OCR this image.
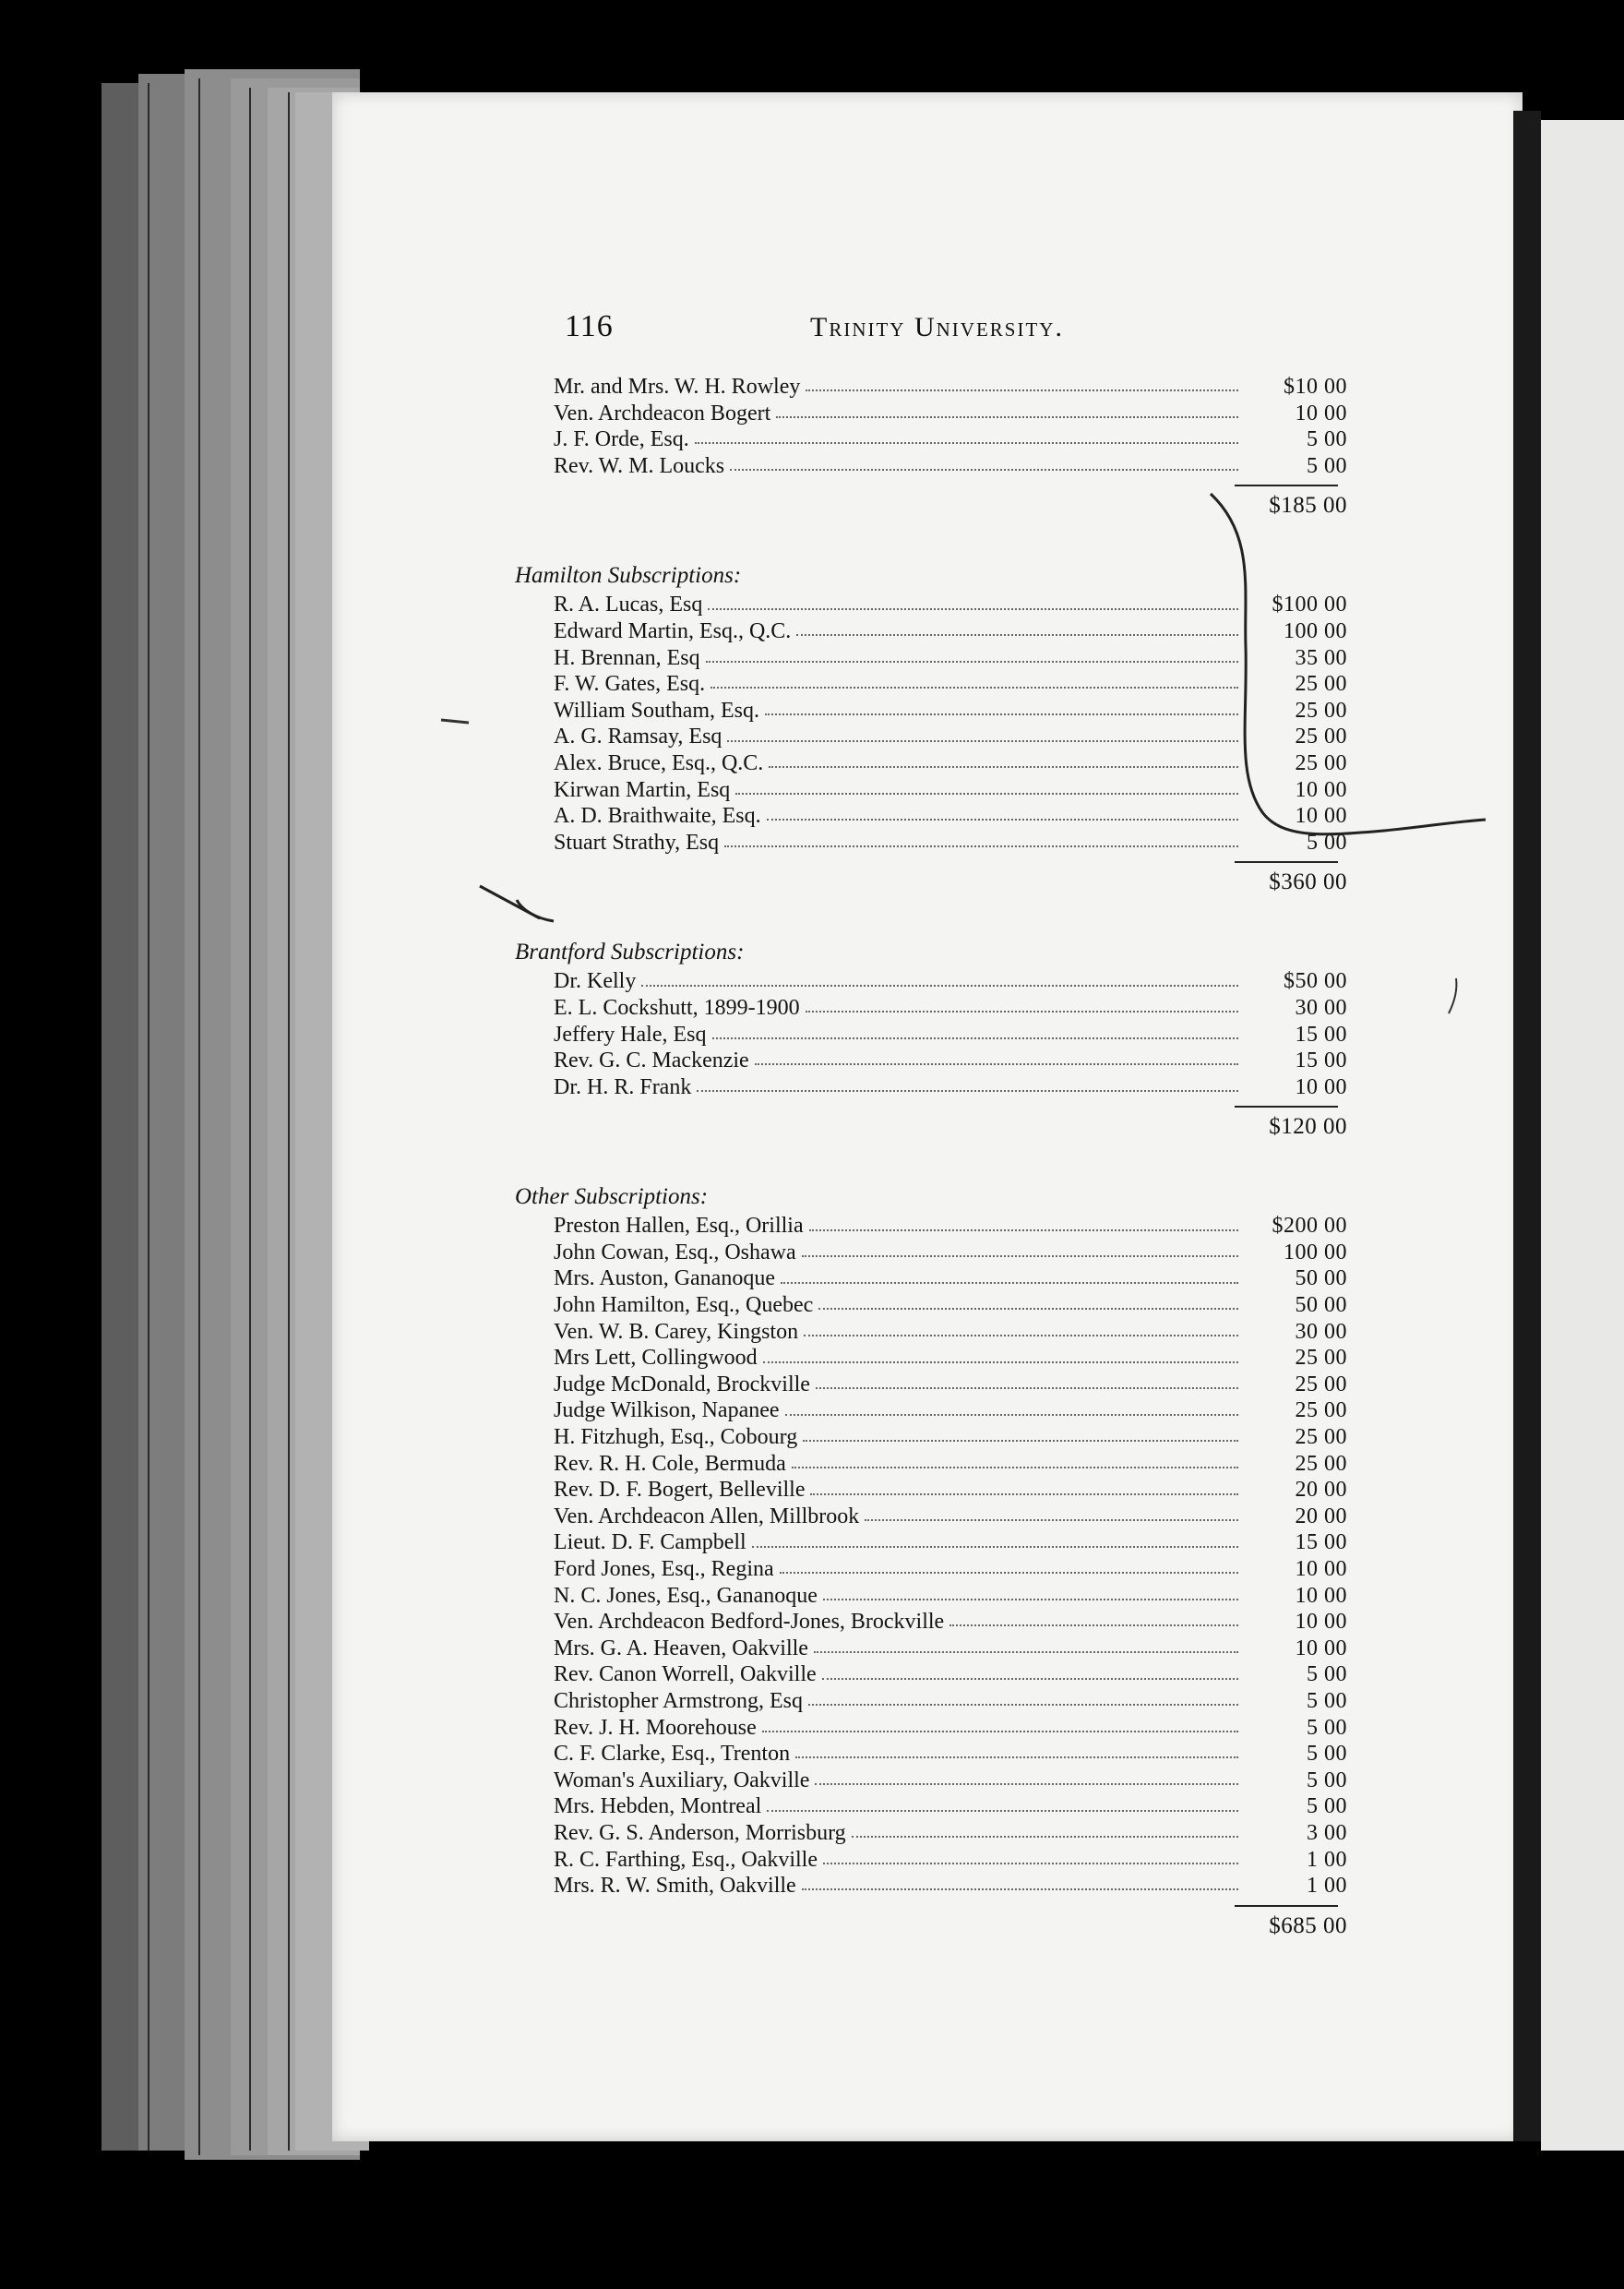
116	Trinity University.
Mr. and Mrs. W. H. Rowley	$10 00
Ven. Archdeacon Bogert	10 00
J. F. Orde, Esq.	5 00
Rev. W. M. Loucks	5 00
$185 00
Hamilton Subscriptions:
R. A. Lucas, Esq	$100 00
Edward Martin, Esq., Q.C.	100 00
H. Brennan, Esq	35 00
F. W. Gates, Esq.	25 00
William Southam, Esq.	25 00
A. G. Ramsay, Esq	25 00
Alex. Bruce, Esq., Q.C.	25 00
Kirwan Martin, Esq	10 00
A. D. Braithwaite, Esq.	10 00
Stuart Strathy, Esq	5 00
$360 00
Brantford Subscriptions:
Dr. Kelly	$50 00
E. L. Cockshutt, 1899-1900	30 00
Jeffery Hale, Esq	15 00
Rev. G. C. Mackenzie	15 00
Dr. H. R. Frank	10 00
$120 00
Other Subscriptions:
Preston Hallen, Esq., Orillia	$200 00
John Cowan, Esq., Oshawa	100 00
Mrs. Auston, Gananoque	50 00
John Hamilton, Esq., Quebec	50 00
Ven. W. B. Carey, Kingston	30 00
Mrs Lett, Collingwood	25 00
Judge McDonald, Brockville	25 00
Judge Wilkison, Napanee	25 00
H. Fitzhugh, Esq., Cobourg	25 00
Rev. R. H. Cole, Bermuda	25 00
Rev. D. F. Bogert, Belleville	20 00
Ven. Archdeacon Allen, Millbrook	20 00
Lieut. D. F. Campbell	15 00
Ford Jones, Esq., Regina	10 00
N. C. Jones, Esq., Gananoque	10 00
Ven. Archdeacon Bedford-Jones, Brockville	10 00
Mrs. G. A. Heaven, Oakville	10 00
Rev. Canon Worrell, Oakville	5 00
Christopher Armstrong, Esq	5 00
Rev. J. H. Moorehouse	5 00
C. F. Clarke, Esq., Trenton	5 00
Woman's Auxiliary, Oakville	5 00
Mrs. Hebden, Montreal	5 00
Rev. G. S. Anderson, Morrisburg	3 00
R. C. Farthing, Esq., Oakville	1 00
Mrs. R. W. Smith, Oakville	1 00
$685 00
